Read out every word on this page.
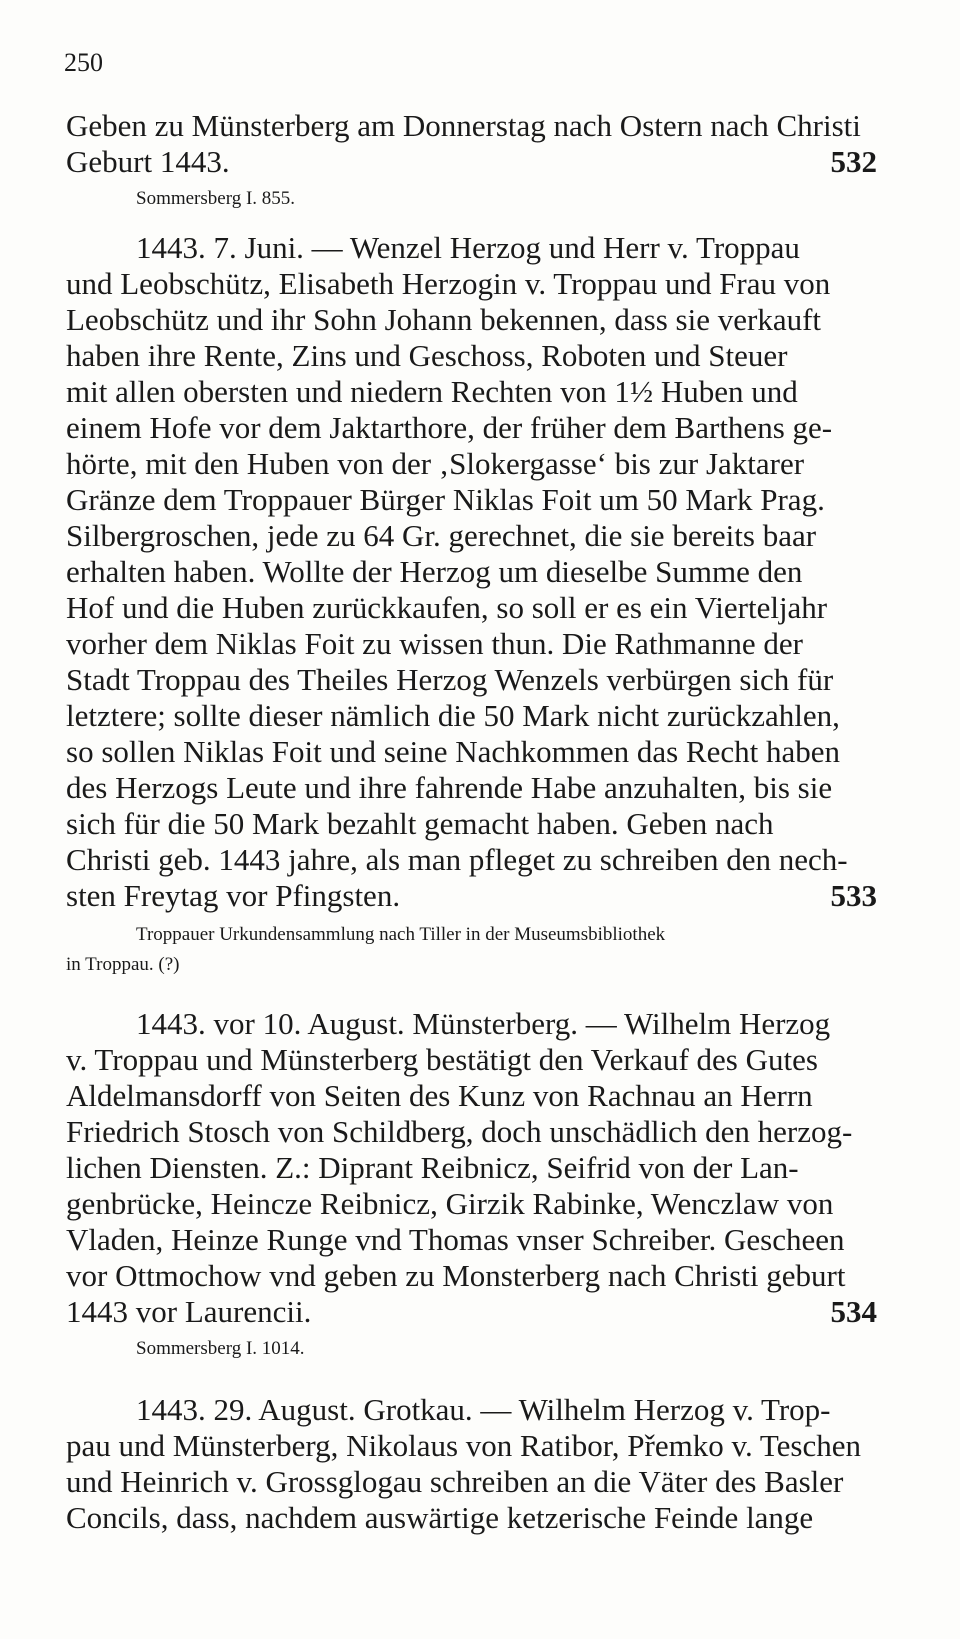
250
Geben zu Münsterberg am Donnerstag nach Ostern nach Christi
Geburt 1443.	532
Sommersberg I. 855.
1443. 7. Juni. — Wenzel Herzog und Herr v. Troppau
und Leobschütz, Elisabeth Herzogin v. Troppau und Frau von
Leobschütz und ihr Sohn Johann bekennen, dass sie verkauft
haben ihre Rente, Zins und Geschoss, Roboten und Steuer
mit allen obersten und niedern Rechten von 1½ Huben und
einem Hofe vor dem Jaktarthore, der früher dem Barthens ge-
hörte, mit den Huben von der ‚Slokergasse‘ bis zur Jaktarer
Gränze dem Troppauer Bürger Niklas Foit um 50 Mark Prag.
Silbergroschen, jede zu 64 Gr. gerechnet, die sie bereits baar
erhalten haben. Wollte der Herzog um dieselbe Summe den
Hof und die Huben zurückkaufen, so soll er es ein Vierteljahr
vorher dem Niklas Foit zu wissen thun. Die Rathmanne der
Stadt Troppau des Theiles Herzog Wenzels verbürgen sich für
letztere; sollte dieser nämlich die 50 Mark nicht zurückzahlen,
so sollen Niklas Foit und seine Nachkommen das Recht haben
des Herzogs Leute und ihre fahrende Habe anzuhalten, bis sie
sich für die 50 Mark bezahlt gemacht haben. Geben nach
Christi geb. 1443 jahre, als man pfleget zu schreiben den nech-
sten Freytag vor Pfingsten.	533
Troppauer Urkundensammlung nach Tiller in der Museumsbibliothek
in Troppau. (?)
1443. vor 10. August. Münsterberg. — Wilhelm Herzog
v. Troppau und Münsterberg bestätigt den Verkauf des Gutes
Aldelmansdorff von Seiten des Kunz von Rachnau an Herrn
Friedrich Stosch von Schildberg, doch unschädlich den herzog-
lichen Diensten. Z.: Diprant Reibnicz, Seifrid von der Lan-
genbrücke, Heincze Reibnicz, Girzik Rabinke, Wenczlaw von
Vladen, Heinze Runge vnd Thomas vnser Schreiber. Gescheen
vor Ottmochow vnd geben zu Monsterberg nach Christi geburt
1443 vor Laurencii.	534
Sommersberg I. 1014.
1443. 29. August. Grotkau. — Wilhelm Herzog v. Trop-
pau und Münsterberg, Nikolaus von Ratibor, Přemko v. Teschen
und Heinrich v. Grossglogau schreiben an die Väter des Basler
Concils, dass, nachdem auswärtige ketzerische Feinde lange
